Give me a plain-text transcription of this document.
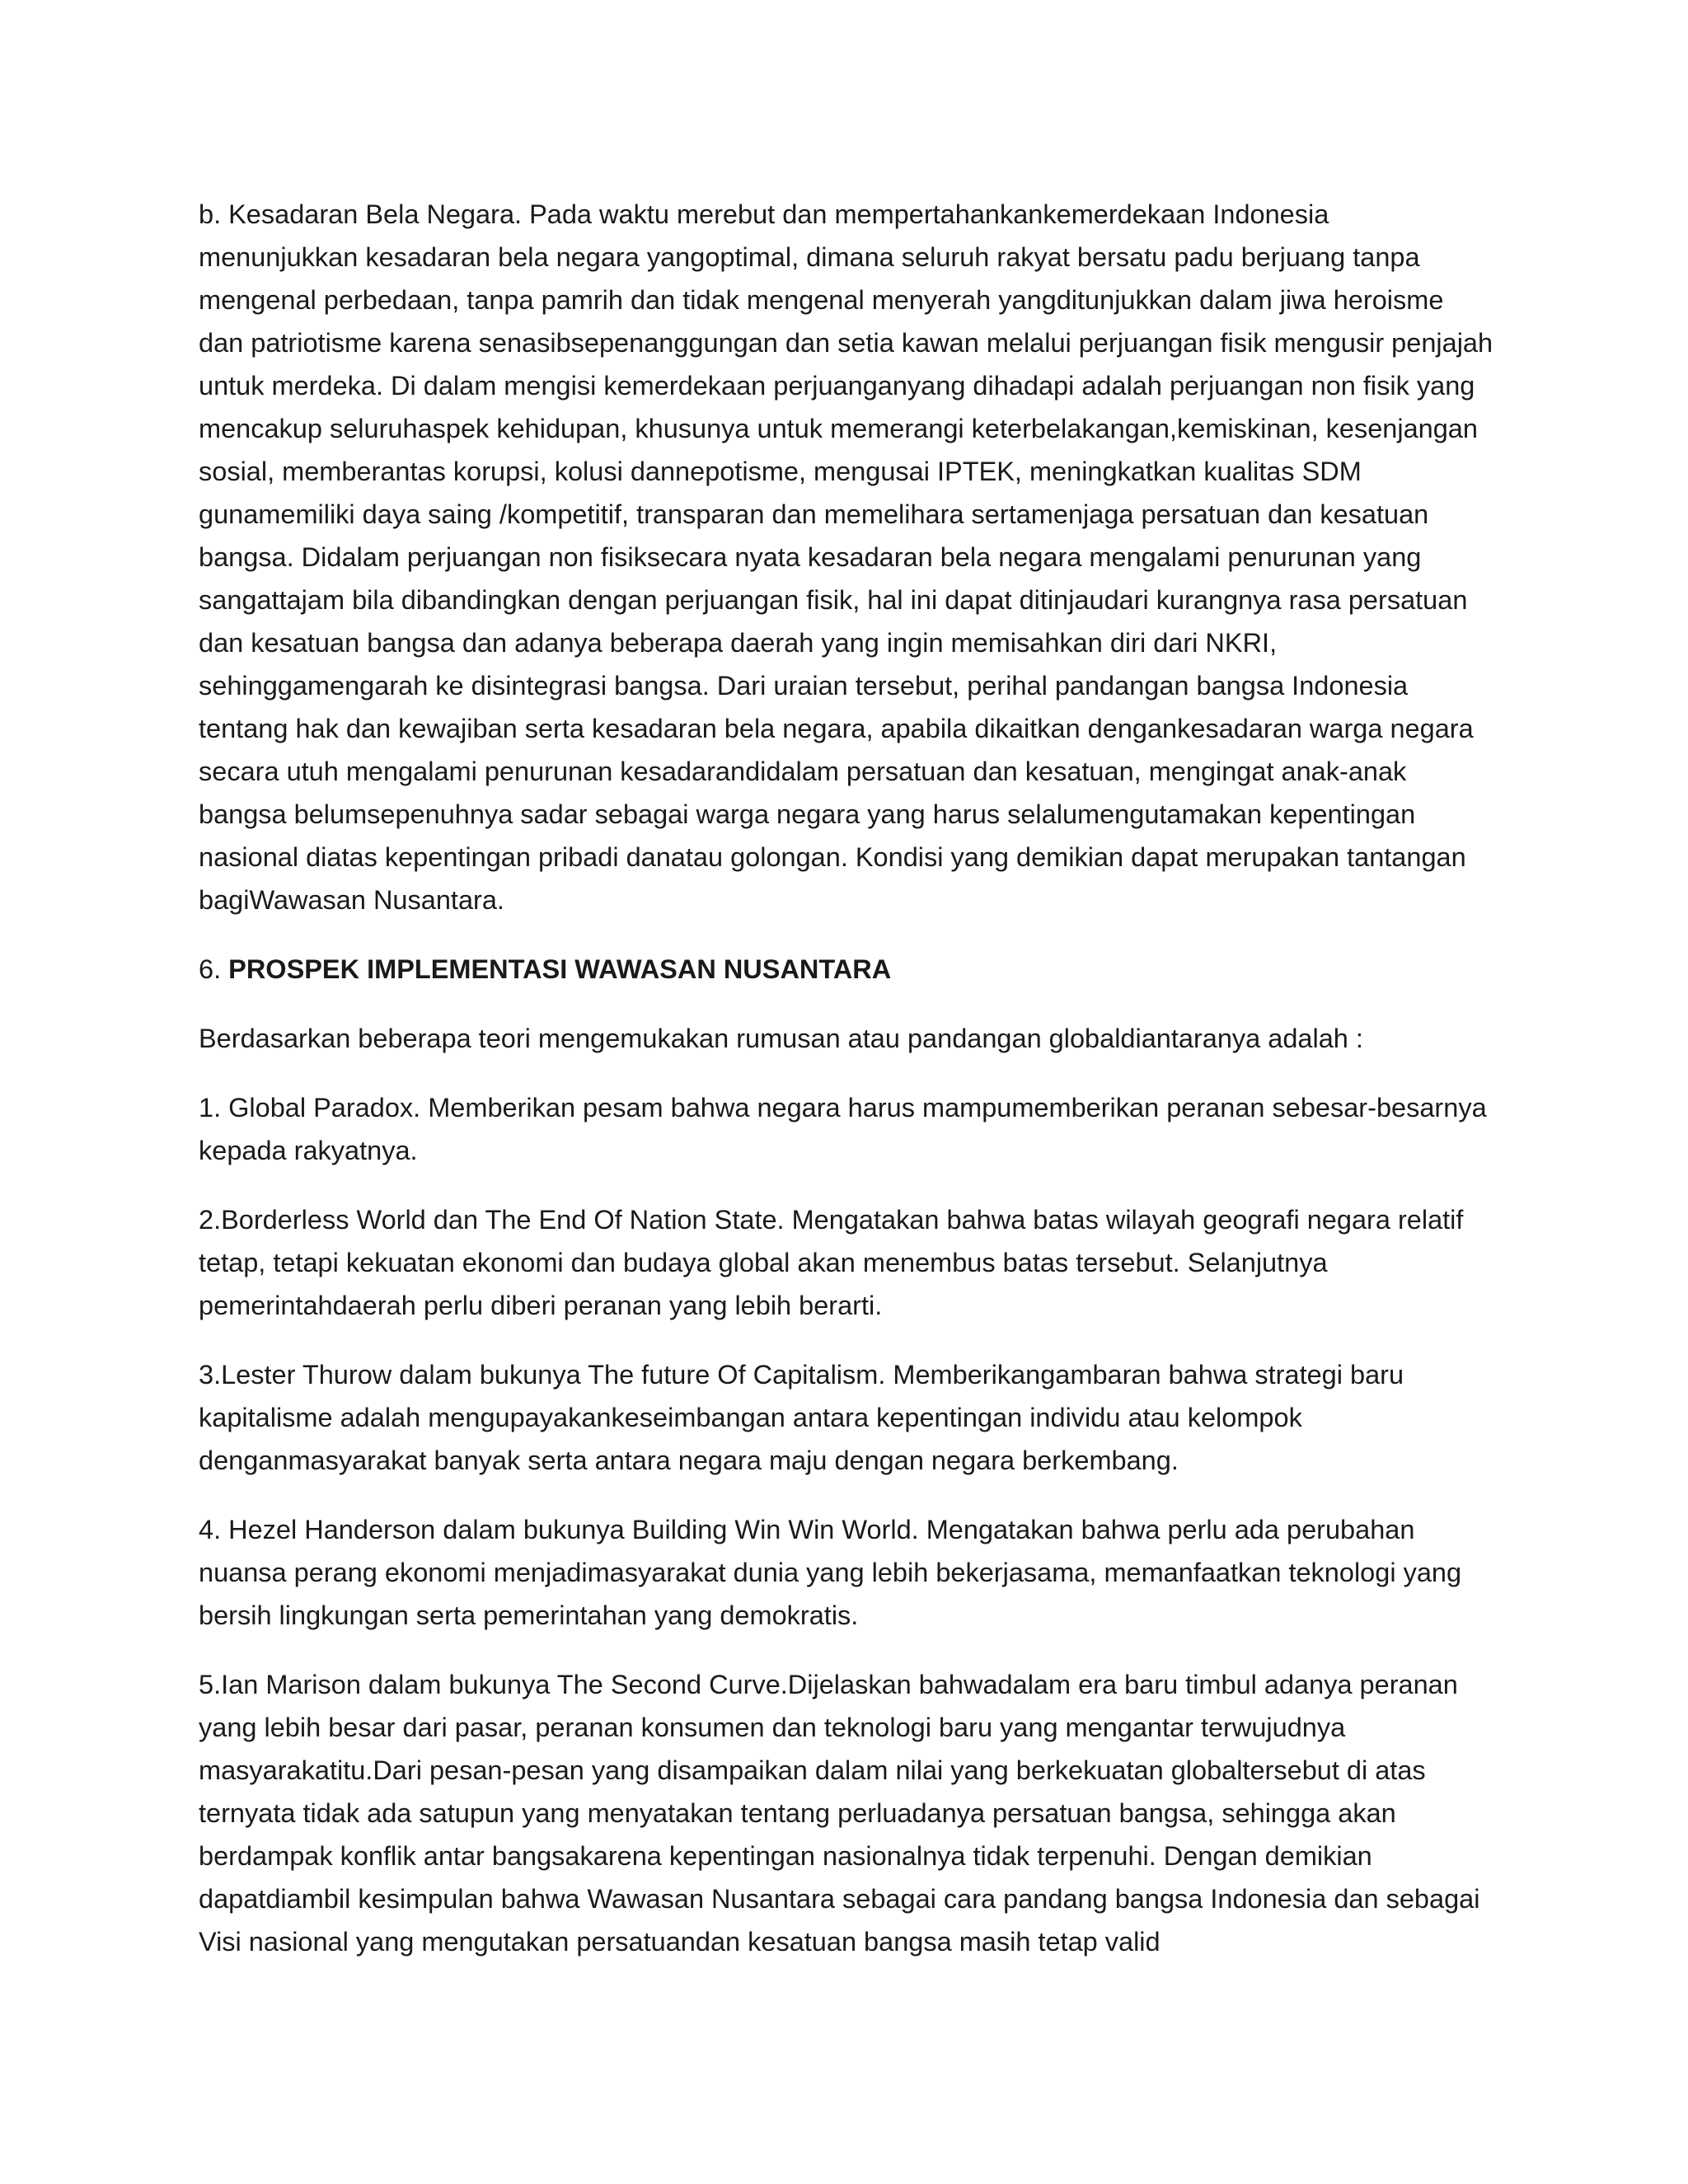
b. Kesadaran Bela Negara. Pada waktu merebut dan mempertahankankemerdekaan Indonesia menunjukkan kesadaran bela negara yangoptimal, dimana seluruh rakyat bersatu padu berjuang tanpa mengenal perbedaan, tanpa pamrih dan tidak mengenal menyerah yangditunjukkan dalam jiwa heroisme dan patriotisme karena senasibsepenanggungan dan setia kawan melalui perjuangan fisik mengusir penjajah untuk merdeka. Di dalam mengisi kemerdekaan perjuanganyang dihadapi adalah perjuangan non fisik yang mencakup seluruhaspek kehidupan, khusunya untuk memerangi keterbelakangan,kemiskinan, kesenjangan sosial, memberantas korupsi, kolusi dannepotisme, mengusai IPTEK, meningkatkan kualitas SDM gunamemiliki daya saing /kompetitif, transparan dan memelihara sertamenjaga persatuan dan kesatuan bangsa. Didalam perjuangan non fisiksecara nyata kesadaran bela negara mengalami penurunan yang sangattajam bila dibandingkan dengan perjuangan fisik, hal ini dapat ditinjaudari kurangnya rasa persatuan dan kesatuan bangsa dan adanya beberapa daerah yang ingin memisahkan diri dari NKRI, sehinggamengarah ke disintegrasi bangsa. Dari uraian tersebut, perihal pandangan bangsa Indonesia tentang hak dan kewajiban serta kesadaran bela negara, apabila dikaitkan dengankesadaran warga negara secara utuh mengalami penurunan kesadarandidalam persatuan dan kesatuan, mengingat anak-anak bangsa belumsepenuhnya sadar sebagai warga negara yang harus selalumengutamakan kepentingan nasional diatas kepentingan pribadi danatau golongan. Kondisi yang demikian dapat merupakan tantangan bagiWawasan Nusantara.

6. PROSPEK IMPLEMENTASI WAWASAN NUSANTARA

Berdasarkan beberapa teori mengemukakan rumusan atau pandangan globaldiantaranya adalah :

1. Global Paradox. Memberikan pesam bahwa negara harus mampumemberikan peranan sebesar-besarnya kepada rakyatnya.

2.Borderless World dan The End Of Nation State. Mengatakan bahwa batas wilayah geografi negara relatif tetap, tetapi kekuatan ekonomi dan budaya global akan menembus batas tersebut. Selanjutnya pemerintahdaerah perlu diberi peranan yang lebih berarti.

3.Lester Thurow dalam bukunya The future Of Capitalism. Memberikangambaran bahwa strategi baru kapitalisme adalah mengupayakankeseimbangan antara kepentingan individu atau kelompok denganmasyarakat banyak serta antara negara maju dengan negara berkembang.

4. Hezel Handerson dalam bukunya Building Win Win World. Mengatakan bahwa perlu ada perubahan nuansa perang ekonomi menjadimasyarakat dunia yang lebih bekerjasama, memanfaatkan teknologi yang bersih lingkungan serta pemerintahan yang demokratis.

5.Ian Marison dalam bukunya The Second Curve.Dijelaskan bahwadalam era baru timbul adanya peranan yang lebih besar dari pasar, peranan konsumen dan teknologi baru yang mengantar terwujudnya masyarakatitu.Dari pesan-pesan yang disampaikan dalam nilai yang berkekuatan globaltersebut di atas ternyata tidak ada satupun yang menyatakan tentang perluadanya persatuan bangsa, sehingga akan berdampak konflik antar bangsakarena kepentingan nasionalnya tidak terpenuhi. Dengan demikian dapatdiambil kesimpulan bahwa Wawasan Nusantara sebagai cara pandang bangsa Indonesia dan sebagai Visi nasional yang mengutakan persatuandan kesatuan bangsa masih tetap valid
